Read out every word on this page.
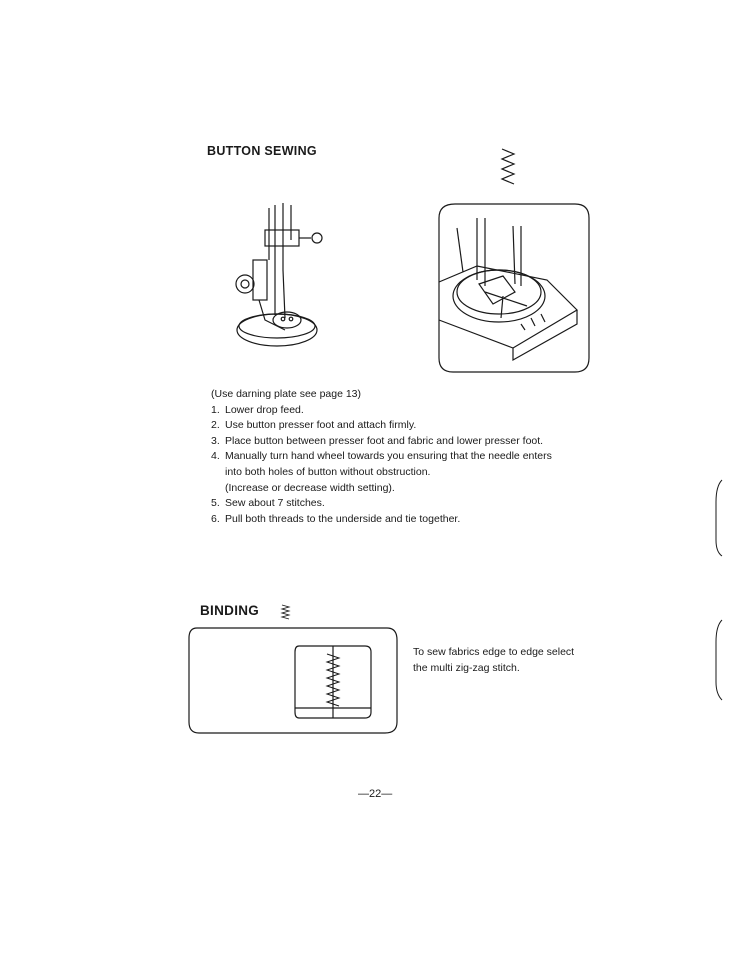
BUTTON SEWING
(Use darning plate see page 13)
1. Lower drop feed.
2. Use button presser foot and attach firmly.
3. Place button between presser foot and fabric and lower presser foot.
4. Manually turn hand wheel towards you ensuring that the needle enters
into both holes of button without obstruction.
(Increase or decrease width setting).
5. Sew about 7 stitches.
6. Pull both threads to the underside and tie together.
BINDING
To sew fabrics edge to edge select
the multi zig-zag stitch.
—22—
